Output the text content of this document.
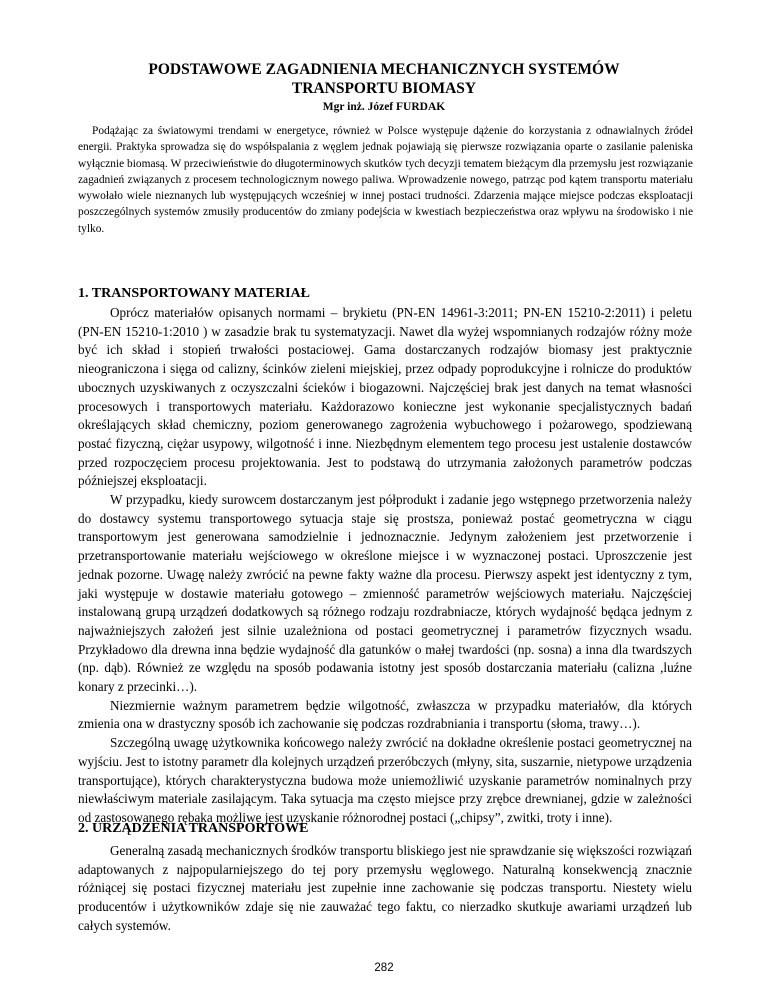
PODSTAWOWE ZAGADNIENIA MECHANICZNYCH SYSTEMÓW
TRANSPORTU BIOMASY
Mgr inż. Józef FURDAK

Podążając za światowymi trendami w energetyce, również w Polsce występuje dążenie do korzystania z odnawialnych źródeł energii. Praktyka sprowadza się do współspalania z węglem jednak pojawiają się pierwsze rozwiązania oparte o zasilanie paleniska wyłącznie biomasą. W przeciwieństwie do długoterminowych skutków tych decyzji tematem bieżącym dla przemysłu jest rozwiązanie zagadnień związanych z procesem technologicznym nowego paliwa. Wprowadzenie nowego, patrząc pod kątem transportu materiału wywołało wiele nieznanych lub występujących wcześniej w innej postaci trudności. Zdarzenia mające miejsce podczas eksploatacji poszczególnych systemów zmusiły producentów do zmiany podejścia w kwestiach bezpieczeństwa oraz wpływu na środowisko i nie tylko.

1. TRANSPORTOWANY MATERIAŁ

Oprócz materiałów opisanych normami – brykietu (PN-EN 14961-3:2011; PN-EN 15210-2:2011) i peletu (PN-EN 15210-1:2010 ) w zasadzie brak tu systematyzacji. Nawet dla wyżej wspomnianych rodzajów różny może być ich skład i stopień trwałości postaciowej. Gama dostarczanych rodzajów biomasy jest praktycznie nieograniczona i sięga od calizny, ścinków zieleni miejskiej, przez odpady poprodukcyjne i rolnicze do produktów ubocznych uzyskiwanych z oczyszczalni ścieków i biogazowni. Najczęściej brak jest danych na temat własności procesowych i transportowych materiału. Każdorazowo konieczne jest wykonanie specjalistycznych badań określających skład chemiczny, poziom generowanego zagrożenia wybuchowego i pożarowego, spodziewaną postać fizyczną, ciężar usypowy, wilgotność i inne. Niezbędnym elementem tego procesu jest ustalenie dostawców przed rozpoczęciem procesu projektowania. Jest to podstawą do utrzymania założonych parametrów podczas późniejszej eksploatacji.

W przypadku, kiedy surowcem dostarczanym jest półprodukt i zadanie jego wstępnego przetworzenia należy do dostawcy systemu transportowego sytuacja staje się prostsza, ponieważ postać geometryczna w ciągu transportowym jest generowana samodzielnie i jednoznacznie. Jedynym założeniem jest przetworzenie i przetransportowanie materiału wejściowego w określone miejsce i w wyznaczonej postaci. Uproszczenie jest jednak pozorne. Uwagę należy zwrócić na pewne fakty ważne dla procesu. Pierwszy aspekt jest identyczny z tym, jaki występuje w dostawie materiału gotowego – zmienność parametrów wejściowych materiału. Najczęściej instalowaną grupą urządzeń dodatkowych są różnego rodzaju rozdrabniacze, których wydajność będąca jednym z najważniejszych założeń jest silnie uzależniona od postaci geometrycznej i parametrów fizycznych wsadu. Przykładowo dla drewna inna będzie wydajność dla gatunków o małej twardości (np. sosna) a inna dla twardszych (np. dąb). Również ze względu na sposób podawania istotny jest sposób dostarczania materiału (calizna ,luźne konary z przecinki…).

Niezmiernie ważnym parametrem będzie wilgotność, zwłaszcza w przypadku materiałów, dla których zmienia ona w drastyczny sposób ich zachowanie się podczas rozdrabniania i transportu (słoma, trawy…).

Szczególną uwagę użytkownika końcowego należy zwrócić na dokładne określenie postaci geometrycznej na wyjściu. Jest to istotny parametr dla kolejnych urządzeń przeróbczych (młyny, sita, suszarnie, nietypowe urządzenia transportujące), których charakterystyczna budowa może uniemożliwić uzyskanie parametrów nominalnych przy niewłaściwym materiale zasilającym. Taka sytuacja ma często miejsce przy zrębce drewnianej, gdzie w zależności od zastosowanego rębaka możliwe jest uzyskanie różnorodnej postaci („chipsy”, zwitki, troty i inne).

2. URZĄDZENIA TRANSPORTOWE

Generalną zasadą mechanicznych środków transportu bliskiego jest nie sprawdzanie się większości rozwiązań adaptowanych z najpopularniejszego do tej pory przemysłu węglowego. Naturalną konsekwencją znacznie różniącej się postaci fizycznej materiału jest zupełnie inne zachowanie się podczas transportu. Niestety wielu producentów i użytkowników zdaje się nie zauważać tego faktu, co nierzadko skutkuje awariami urządzeń lub całych systemów.

282
